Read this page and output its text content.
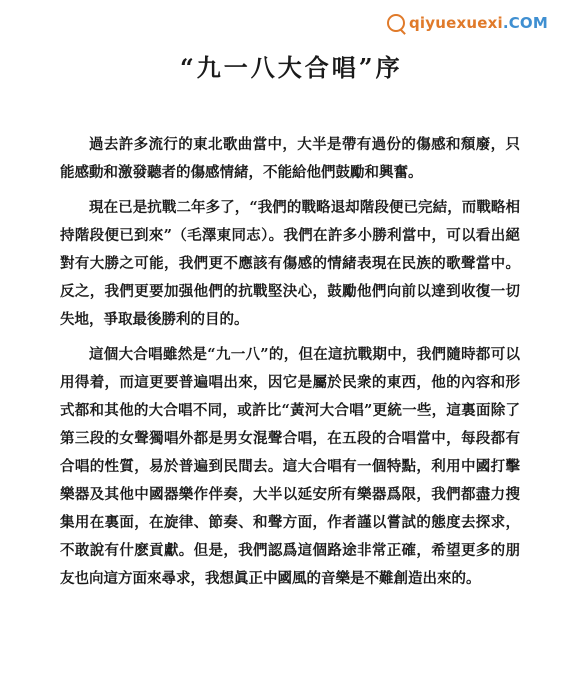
qiyuexuexi.COM
“九一八大合唱”序

過去許多流行的東北歌曲當中，大半是帶有過份的傷感和頹廢，只能感動和激發聽者的傷感情緒，不能給他們鼓勵和興奮。

現在已是抗戰二年多了，“我們的戰略退却階段便已完結，而戰略相持階段便已到來”（毛澤東同志）。我們在許多小勝利當中，可以看出絕對有大勝之可能，我們更不應該有傷感的情緒表現在民族的歌聲當中。反之，我們更要加强他們的抗戰堅決心，鼓勵他們向前以達到收復一切失地，爭取最後勝利的目的。

這個大合唱雖然是“九一八”的，但在這抗戰期中，我們隨時都可以用得着，而這更要普遍唱出來，因它是屬於民衆的東西，他的內容和形式都和其他的大合唱不同，或許比“黃河大合唱”更統一些，這裏面除了第三段的女聲獨唱外都是男女混聲合唱，在五段的合唱當中，每段都有合唱的性質，易於普遍到民間去。這大合唱有一個特點，利用中國打擊樂器及其他中國器樂作伴奏，大半以延安所有樂器爲限，我們都盡力搜集用在裏面，在旋律、節奏、和聲方面，作者謹以嘗試的態度去探求，不敢說有什麽貢獻。但是，我們認爲這個路途非常正確，希望更多的朋友也向這方面來尋求，我想眞正中國風的音樂是不難創造出來的。
